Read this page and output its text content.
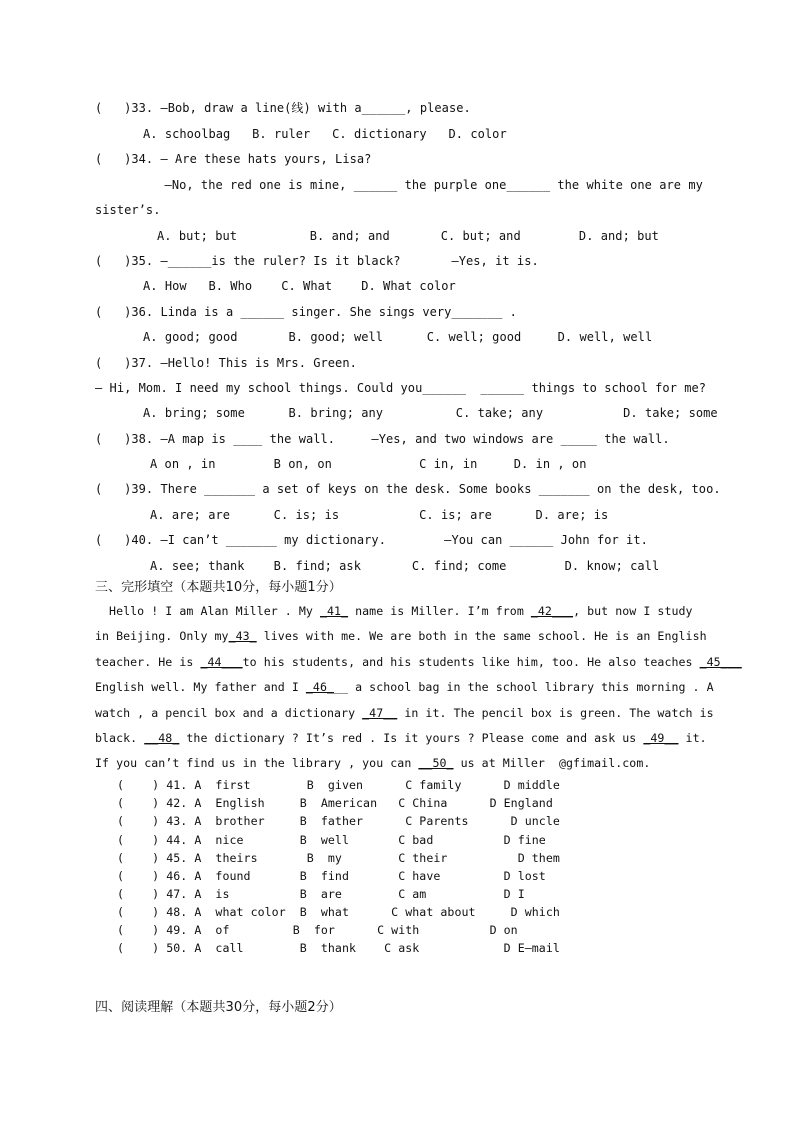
(   )33. —Bob, draw a line(线) with a______, please.
A. schoolbag   B. ruler   C. dictionary   D. color
(   )34. — Are these hats yours, Lisa?
—No, the red one is mine, ______ the purple one______ the white one are my
sister’s.
A. but; but          B. and; and       C. but; and        D. and; but
(   )35. —______is the ruler? Is it black?       —Yes, it is.
A. How   B. Who    C. What    D. What color
(   )36. Linda is a ______ singer. She sings very_______ .
A. good; good       B. good; well      C. well; good     D. well, well
(   )37. —Hello! This is Mrs. Green.
— Hi, Mom. I need my school things. Could you______  ______ things to school for me?
A. bring; some      B. bring; any          C. take; any           D. take; some
(   )38. —A map is ____ the wall.     —Yes, and two windows are _____ the wall.
A on , in        B on, on            C in, in     D. in , on
(   )39. There _______ a set of keys on the desk. Some books _______ on the desk, too.
A. are; are      C. is; is           C. is; are      D. are; is
(   )40. —I can’t _______ my dictionary.        —You can ______ John for it.
A. see; thank    B. find; ask       C. find; come        D. know; call
三、完形填空（本题共10分，每小题1分）
Hello ! I am Alan Miller . My _41_ name is Miller. I’m from _42___, but now I study
in Beijing. Only my_43_ lives with me. We are both in the same school. He is an English
teacher. He is _44___to his students, and his students like him, too. He also teaches _45___
English well. My father and I _46___ a school bag in the school library this morning . A
watch , a pencil box and a dictionary _47__ in it. The pencil box is green. The watch is
black. __48_ the dictionary ? It’s red . Is it yours ? Please come and ask us _49__ it.
If you can’t find us in the library , you can __50_ us at Miller  @gfimail.com.
(    ) 41. A  first        B  given      C family      D middle
(    ) 42. A  English     B  American   C China      D England
(    ) 43. A  brother     B  father      C Parents      D uncle
(    ) 44. A  nice        B  well       C bad          D fine
(    ) 45. A  theirs       B  my        C their          D them
(    ) 46. A  found       B  find       C have         D lost
(    ) 47. A  is          B  are        C am           D I
(    ) 48. A  what color  B  what      C what about     D which
(    ) 49. A  of         B  for      C with          D on
(    ) 50. A  call        B  thank    C ask            D E—mail
四、阅读理解（本题共30分，每小题2分）
